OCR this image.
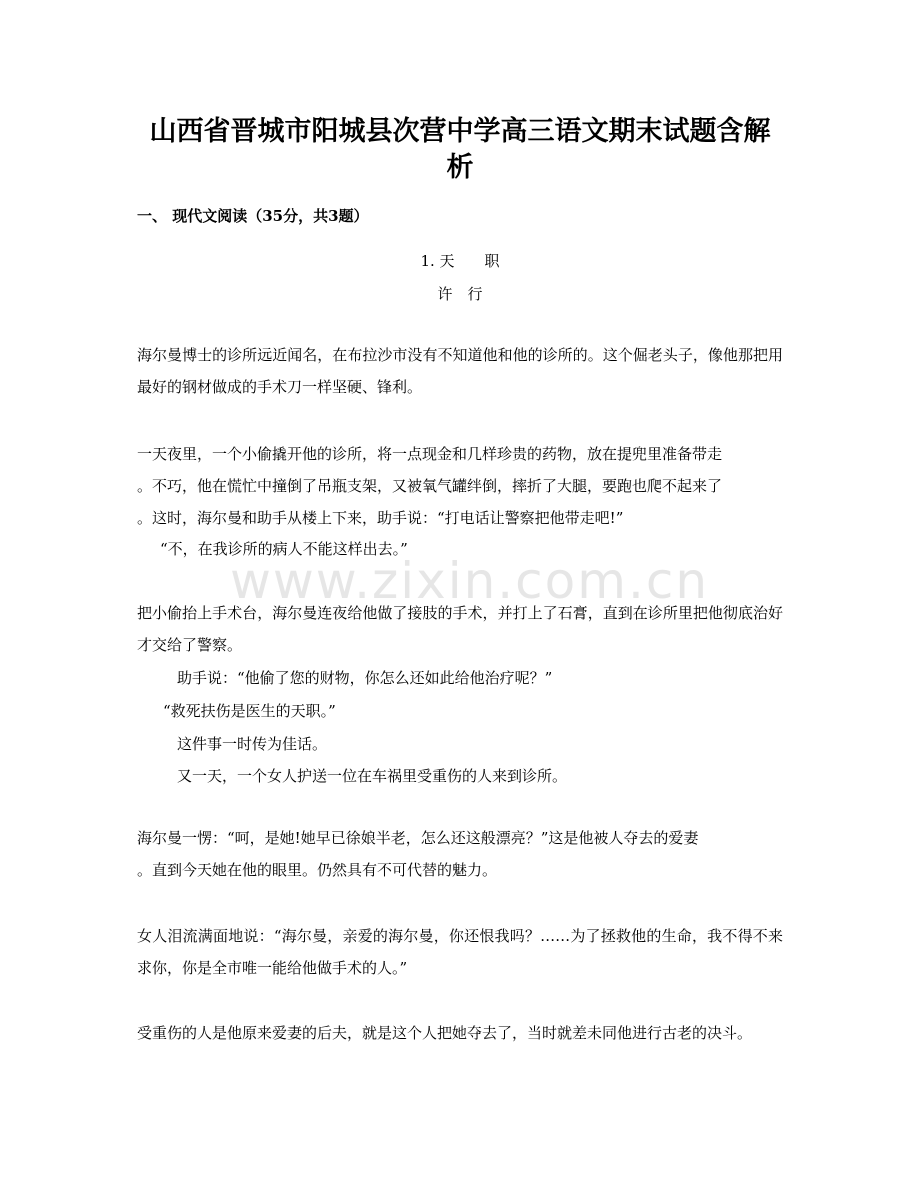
www.zixin.com.cn
山西省晋城市阳城县次营中学高三语文期末试题含解
析
一、 现代文阅读（35分，共3题）
1. 天　　职
许　行
海尔曼博士的诊所远近闻名，在布拉沙市没有不知道他和他的诊所的。这个倔老头子，像他那把用最好的钢材做成的手术刀一样坚硬、锋利。
一天夜里，一个小偷撬开他的诊所，将一点现金和几样珍贵的药物，放在提兜里准备带走
。不巧，他在慌忙中撞倒了吊瓶支架，又被氧气罐绊倒，摔折了大腿，要跑也爬不起来了
。这时，海尔曼和助手从楼上下来，助手说：“打电话让警察把他带走吧!”
“不，在我诊所的病人不能这样出去。”
把小偷抬上手术台，海尔曼连夜给他做了接肢的手术，并打上了石膏，直到在诊所里把他彻底治好才交给了警察。
助手说：“他偷了您的财物，你怎么还如此给他治疗呢？”
“救死扶伤是医生的天职。”
这件事一时传为佳话。
又一天，一个女人护送一位在车祸里受重伤的人来到诊所。
海尔曼一愣：“呵，是她!她早已徐娘半老，怎么还这般漂亮？”这是他被人夺去的爱妻
。直到今天她在他的眼里。仍然具有不可代替的魅力。
女人泪流满面地说：“海尔曼，亲爱的海尔曼，你还恨我吗？……为了拯救他的生命，我不得不来求你，你是全市唯一能给他做手术的人。”
受重伤的人是他原来爱妻的后夫，就是这个人把她夺去了，当时就差未同他进行古老的决斗。
